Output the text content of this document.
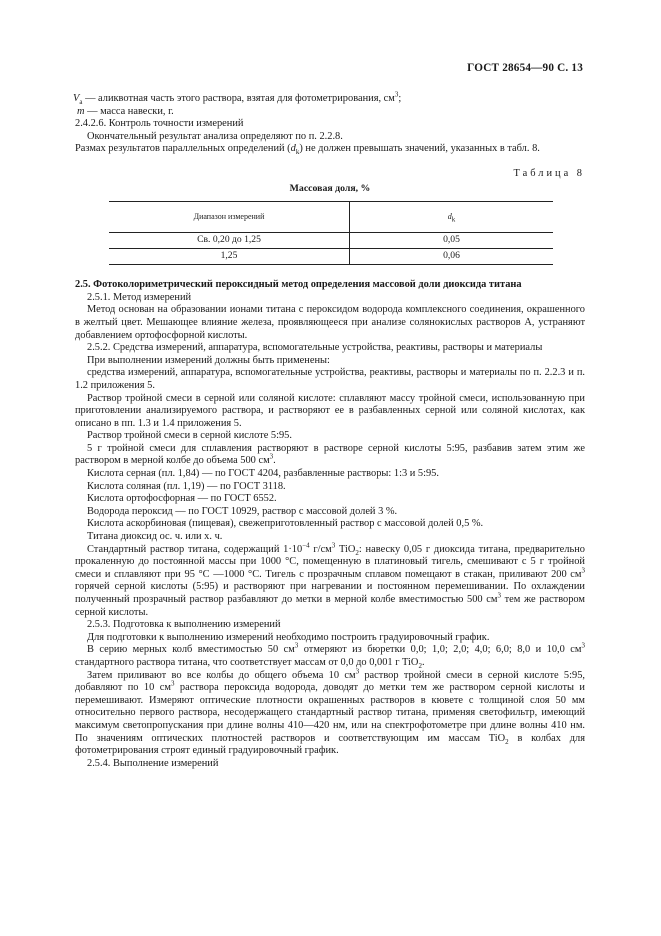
ГОСТ 28654—90 С. 13

$V_a$ — аликвотная часть этого раствора, взятая для фотометрирования, $см^3$;

m — масса навески, г.

2.4.2.6. Контроль точности измерений

Окончательный результат анализа определяют по п. 2.2.8.

Размах результатов параллельных определений $(d_k)$ не должен превышать значений, указанных в табл. 8.

Таблица 8
Массовая доля, %
Диапазон измерений	$d_k$
Св. 0,20 до 1,25	0,05
1,25	0,06

2.5. Фотоколориметрический пероксидный метод определения массовой доли диоксида титана

2.5.1. Метод измерений

Метод основан на образовании ионами титана с пероксидом водорода комплексного соединения, окрашенного в желтый цвет. Мешающее влияние железа, проявляющееся при анализе солянокислых растворов А, устраняют добавлением ортофосфорной кислоты.

2.5.2. Средства измерений, аппаратура, вспомогательные устройства, реактивы, растворы и материалы

При выполнении измерений должны быть применены:

средства измерений, аппаратура, вспомогательные устройства, реактивы, растворы и материалы по п. 2.2.3 и п. 1.2 приложения 5.

Раствор тройной смеси в серной или соляной кислоте: сплавляют массу тройной смеси, использованную при приготовлении анализируемого раствора, и растворяют ее в разбавленных серной или соляной кислотах, как описано в пп. 1.3 и 1.4 приложения 5.

Раствор тройной смеси в серной кислоте 5:95.

5 г тройной смеси для сплавления растворяют в растворе серной кислоты 5:95, разбавив затем этим же раствором в мерной колбе до объема 500 $см^3$.

Кислота серная (пл. 1,84) — по ГОСТ 4204, разбавленные растворы: 1:3 и 5:95.

Кислота соляная (пл. 1,19) — по ГОСТ 3118.

Кислота ортофосфорная — по ГОСТ 6552.

Водорода пероксид — по ГОСТ 10929, раствор с массовой долей 3 %.

Кислота аскорбиновая (пищевая), свежеприготовленный раствор с массовой долей 0,5 %.

Титана диоксид ос. ч. или х. ч.

Стандартный раствор титана, содержащий $1\cdot 10^{-4}$ $г/см^3$ TiO$_2$: навеску 0,05 г диоксида титана, предварительно прокаленную до постоянной массы при 1000 °С, помещенную в платиновый тигель, смешивают с 5 г тройной смеси и сплавляют при 95 °С —1000 °С. Тигель с прозрачным сплавом помещают в стакан, приливают 200 $см^3$ горячей серной кислоты (5:95) и растворяют при нагревании и постоянном перемешивании. По охлаждении полученный прозрачный раствор разбавляют до метки в мерной колбе вместимостью 500 $см^3$ тем же раствором серной кислоты.

2.5.3. Подготовка к выполнению измерений

Для подготовки к выполнению измерений необходимо построить градуировочный график.

В серию мерных колб вместимостью 50 $см^3$ отмеряют из бюретки 0,0; 1,0; 2,0; 4,0; 6,0; 8,0 и 10,0 $см^3$ стандартного раствора титана, что соответствует массам от 0,0 до 0,001 г TiO$_2$.

Затем приливают во все колбы до общего объема 10 $см^3$ раствор тройной смеси в серной кислоте 5:95, добавляют по 10 $см^3$ раствора пероксида водорода, доводят до метки тем же раствором серной кислоты и перемешивают. Измеряют оптические плотности окрашенных растворов в кювете с толщиной слоя 50 мм относительно первого раствора, несодержащего стандартный раствор титана, применяя светофильтр, имеющий максимум светопропускания при длине волны 410—420 нм, или на спектрофотометре при длине волны 410 нм. По значениям оптических плотностей растворов и соответствующим им массам TiO$_2$ в колбах для фотометрирования строят единый градуировочный график.

2.5.4. Выполнение измерений
